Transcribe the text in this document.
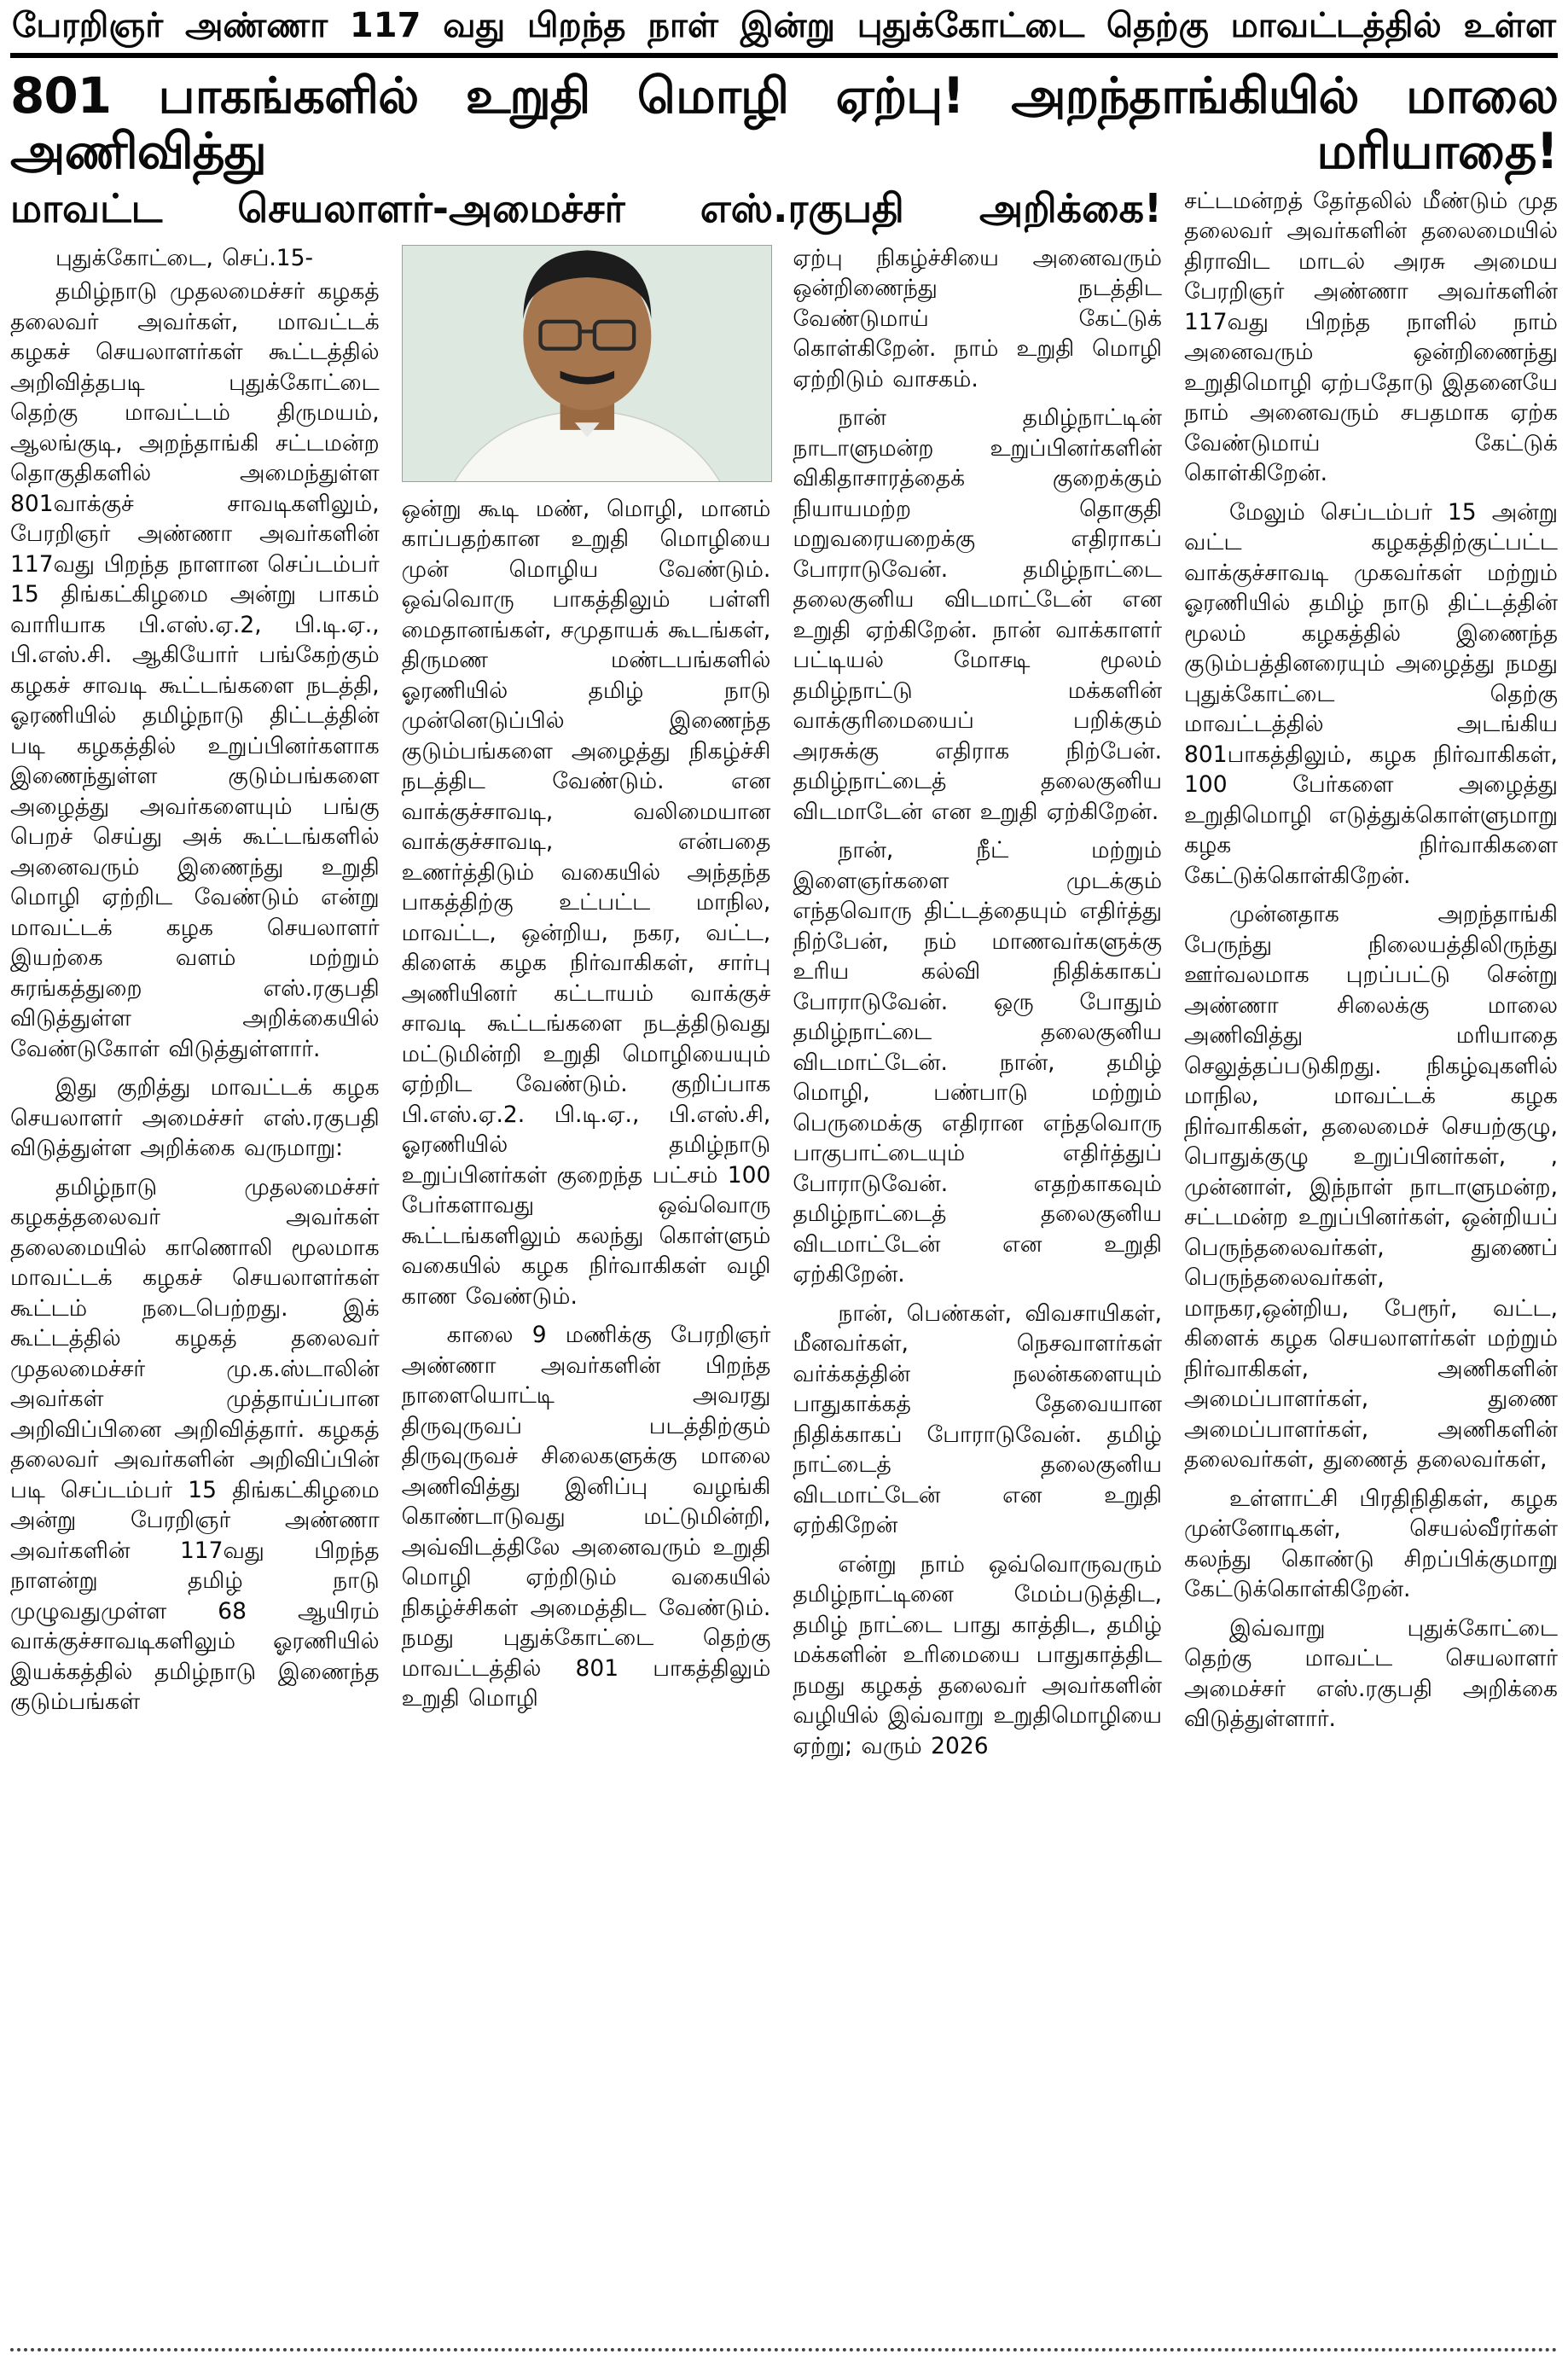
பேரறிஞர் அண்ணா 117 வது பிறந்த நாள் இன்று புதுக்கோட்டை தெற்கு மாவட்டத்தில் உள்ள
801 பாகங்களில் உறுதி மொழி ஏற்பு! அறந்தாங்கியில் மாலை அணிவித்து மரியாதை!
மாவட்ட செயலாளர்-அமைச்சர் எஸ்.ரகுபதி அறிக்கை!

புதுக்கோட்டை, செப்.15-

தமிழ்நாடு முதலமைச்சர் கழகத் தலைவர் அவர்கள், மாவட்டக் கழகச் செயலாளர்கள் கூட்டத்தில் அறிவித்தபடி புதுக்கோட்டை தெற்கு மாவட்டம் திருமயம், ஆலங்குடி, அறந்தாங்கி சட்டமன்ற தொகுதிகளில் அமைந்துள்ள 801வாக்குச் சாவடிகளிலும், பேரறிஞர் அண்ணா அவர்களின் 117வது பிறந்த நாளான செப்டம்பர் 15 திங்கட்கிழமை அன்று பாகம் வாரியாக பி.எஸ்.ஏ.2, பி.டி.ஏ., பி.எஸ்.சி. ஆகியோர் பங்கேற்கும் கழகச் சாவடி கூட்டங்களை நடத்தி, ஓரணியில் தமிழ்நாடு திட்டத்தின் படி கழகத்தில் உறுப்பினர்களாக இணைந்துள்ள குடும்பங்களை அழைத்து அவர்களையும் பங்கு பெறச் செய்து அக் கூட்டங்களில் அனைவரும் இணைந்து உறுதி மொழி ஏற்றிட வேண்டும் என்று மாவட்டக் கழக செயலாளர் இயற்கை வளம் மற்றும் சுரங்கத்துறை எஸ்.ரகுபதி விடுத்துள்ள அறிக்கையில் வேண்டுகோள் விடுத்துள்ளார்.

இது குறித்து மாவட்டக் கழக செயலாளர் அமைச்சர் எஸ்.ரகுபதி விடுத்துள்ள அறிக்கை வருமாறு:

தமிழ்நாடு முதலமைச்சர் கழகத்தலைவர் அவர்கள் தலைமையில் காணொலி மூலமாக மாவட்டக் கழகச் செயலாளர்கள் கூட்டம் நடைபெற்றது. இக் கூட்டத்தில் கழகத் தலைவர் முதலமைச்சர் மு.க.ஸ்டாலின் அவர்கள் முத்தாய்ப்பான அறிவிப்பினை அறிவித்தார். கழகத் தலைவர் அவர்களின் அறிவிப்பின் படி செப்டம்பர் 15 திங்கட்கிழமை அன்று பேரறிஞர் அண்ணா அவர்களின் 117வது பிறந்த நாளன்று தமிழ் நாடு முழுவதுமுள்ள 68 ஆயிரம் வாக்குச்சாவடிகளிலும் ஓரணியில் இயக்கத்தில் தமிழ்நாடு இணைந்த குடும்பங்கள்

ஒன்று கூடி மண், மொழி, மானம் காப்பதற்கான உறுதி மொழியை முன் மொழிய வேண்டும். ஒவ்வொரு பாகத்திலும் பள்ளி மைதானங்கள், சமுதாயக் கூடங்கள், திருமண மண்டபங்களில் ஓரணியில் தமிழ் நாடு முன்னெடுப்பில் இணைந்த குடும்பங்களை அழைத்து நிகழ்ச்சி நடத்திட வேண்டும். என வாக்குச்சாவடி, வலிமையான வாக்குச்சாவடி, என்பதை உணர்த்திடும் வகையில் அந்தந்த பாகத்திற்கு உட்பட்ட மாநில, மாவட்ட, ஒன்றிய, நகர, வட்ட, கிளைக் கழக நிர்வாகிகள், சார்பு அணியினர் கட்டாயம் வாக்குச் சாவடி கூட்டங்களை நடத்திடுவது மட்டுமின்றி உறுதி மொழியையும் ஏற்றிட வேண்டும். குறிப்பாக பி.எஸ்.ஏ.2. பி.டி.ஏ., பி.எஸ்.சி, ஓரணியில் தமிழ்நாடு உறுப்பினர்கள் குறைந்த பட்சம் 100 பேர்களாவது ஒவ்வொரு கூட்டங்களிலும் கலந்து கொள்ளும் வகையில் கழக நிர்வாகிகள் வழி காண வேண்டும்.

காலை 9 மணிக்கு பேரறிஞர் அண்ணா அவர்களின் பிறந்த நாளையொட்டி அவரது திருவுருவப் படத்திற்கும் திருவுருவச் சிலைகளுக்கு மாலை அணிவித்து இனிப்பு வழங்கி கொண்டாடுவது மட்டுமின்றி, அவ்விடத்திலே அனைவரும் உறுதி மொழி ஏற்றிடும் வகையில் நிகழ்ச்சிகள் அமைத்திட வேண்டும். நமது புதுக்கோட்டை தெற்கு மாவட்டத்தில் 801 பாகத்திலும் உறுதி மொழி

ஏற்பு நிகழ்ச்சியை அனைவரும் ஒன்றிணைந்து நடத்திட வேண்டுமாய் கேட்டுக் கொள்கிறேன். நாம் உறுதி மொழி ஏற்றிடும் வாசகம்.

நான் தமிழ்நாட்டின் நாடாளுமன்ற உறுப்பினர்களின் விகிதாசாரத்தைக் குறைக்கும் நியாயமற்ற தொகுதி மறுவரையறைக்கு எதிராகப் போராடுவேன். தமிழ்நாட்டை தலைகுனிய விடமாட்டேன் என உறுதி ஏற்கிறேன். நான் வாக்காளர் பட்டியல் மோசடி மூலம் தமிழ்நாட்டு மக்களின் வாக்குரிமையைப் பறிக்கும் அரசுக்கு எதிராக நிற்பேன். தமிழ்நாட்டைத் தலைகுனிய விடமாடேன் என உறுதி ஏற்கிறேன்.

நான், நீட் மற்றும் இளைஞர்களை முடக்கும் எந்தவொரு திட்டத்தையும் எதிர்த்து நிற்பேன், நம் மாணவர்களுக்கு உரிய கல்வி நிதிக்காகப் போராடுவேன். ஒரு போதும் தமிழ்நாட்டை தலைகுனிய விடமாட்டேன். நான், தமிழ் மொழி, பண்பாடு மற்றும் பெருமைக்கு எதிரான எந்தவொரு பாகுபாட்டையும் எதிர்த்துப் போராடுவேன். எதற்காகவும் தமிழ்நாட்டைத் தலைகுனிய விடமாட்டேன் என உறுதி ஏற்கிறேன்.

நான், பெண்கள், விவசாயிகள், மீனவர்கள், நெசவாளர்கள் வர்க்கத்தின் நலன்களையும் பாதுகாக்கத் தேவையான நிதிக்காகப் போராடுவேன். தமிழ் நாட்டைத் தலைகுனிய விடமாட்டேன் என உறுதி ஏற்கிறேன்

என்று நாம் ஒவ்வொருவரும் தமிழ்நாட்டினை மேம்படுத்திட, தமிழ் நாட்டை பாது காத்திட, தமிழ் மக்களின் உரிமையை பாதுகாத்திட நமது கழகத் தலைவர் அவர்களின் வழியில் இவ்வாறு உறுதிமொழியை ஏற்று; வரும் 2026

சட்டமன்றத் தேர்தலில் மீண்டும் முத தலைவர் அவர்களின் தலைமையில் திராவிட மாடல் அரசு அமைய பேரறிஞர் அண்ணா அவர்களின் 117வது பிறந்த நாளில் நாம் அனைவரும் ஒன்றிணைந்து உறுதிமொழி ஏற்பதோடு இதனையே நாம் அனைவரும் சபதமாக ஏற்க வேண்டுமாய் கேட்டுக் கொள்கிறேன்.

மேலும் செப்டம்பர் 15 அன்று வட்ட கழகத்திற்குட்பட்ட வாக்குச்சாவடி முகவர்கள் மற்றும் ஓரணியில் தமிழ் நாடு திட்டத்தின் மூலம் கழகத்தில் இணைந்த குடும்பத்தினரையும் அழைத்து நமது புதுக்கோட்டை தெற்கு மாவட்டத்தில் அடங்கிய 801பாகத்திலும், கழக நிர்வாகிகள், 100 பேர்களை அழைத்து உறுதிமொழி எடுத்துக்கொள்ளுமாறு கழக நிர்வாகிகளை கேட்டுக்கொள்கிறேன்.

முன்னதாக அறந்தாங்கி பேருந்து நிலையத்திலிருந்து ஊர்வலமாக புறப்பட்டு சென்று அண்ணா சிலைக்கு மாலை அணிவித்து மரியாதை செலுத்தப்படுகிறது. நிகழ்வுகளில் மாநில, மாவட்டக் கழக நிர்வாகிகள், தலைமைச் செயற்குழு, பொதுக்குழு உறுப்பினர்கள், , முன்னாள், இந்நாள் நாடாளுமன்ற, சட்டமன்ற உறுப்பினர்கள், ஒன்றியப் பெருந்தலைவர்கள், துணைப் பெருந்தலைவர்கள், மாநகர,ஒன்றிய, பேரூர், வட்ட, கிளைக் கழக செயலாளர்கள் மற்றும் நிர்வாகிகள், அணிகளின் அமைப்பாளர்கள், துணை அமைப்பாளர்கள், அணிகளின் தலைவர்கள், துணைத் தலைவர்கள்,

உள்ளாட்சி பிரதிநிதிகள், கழக முன்னோடிகள், செயல்வீரர்கள் கலந்து கொண்டு சிறப்பிக்குமாறு கேட்டுக்கொள்கிறேன்.

இவ்வாறு புதுக்கோட்டை தெற்கு மாவட்ட செயலாளர் அமைச்சர் எஸ்.ரகுபதி அறிக்கை விடுத்துள்ளார்.
